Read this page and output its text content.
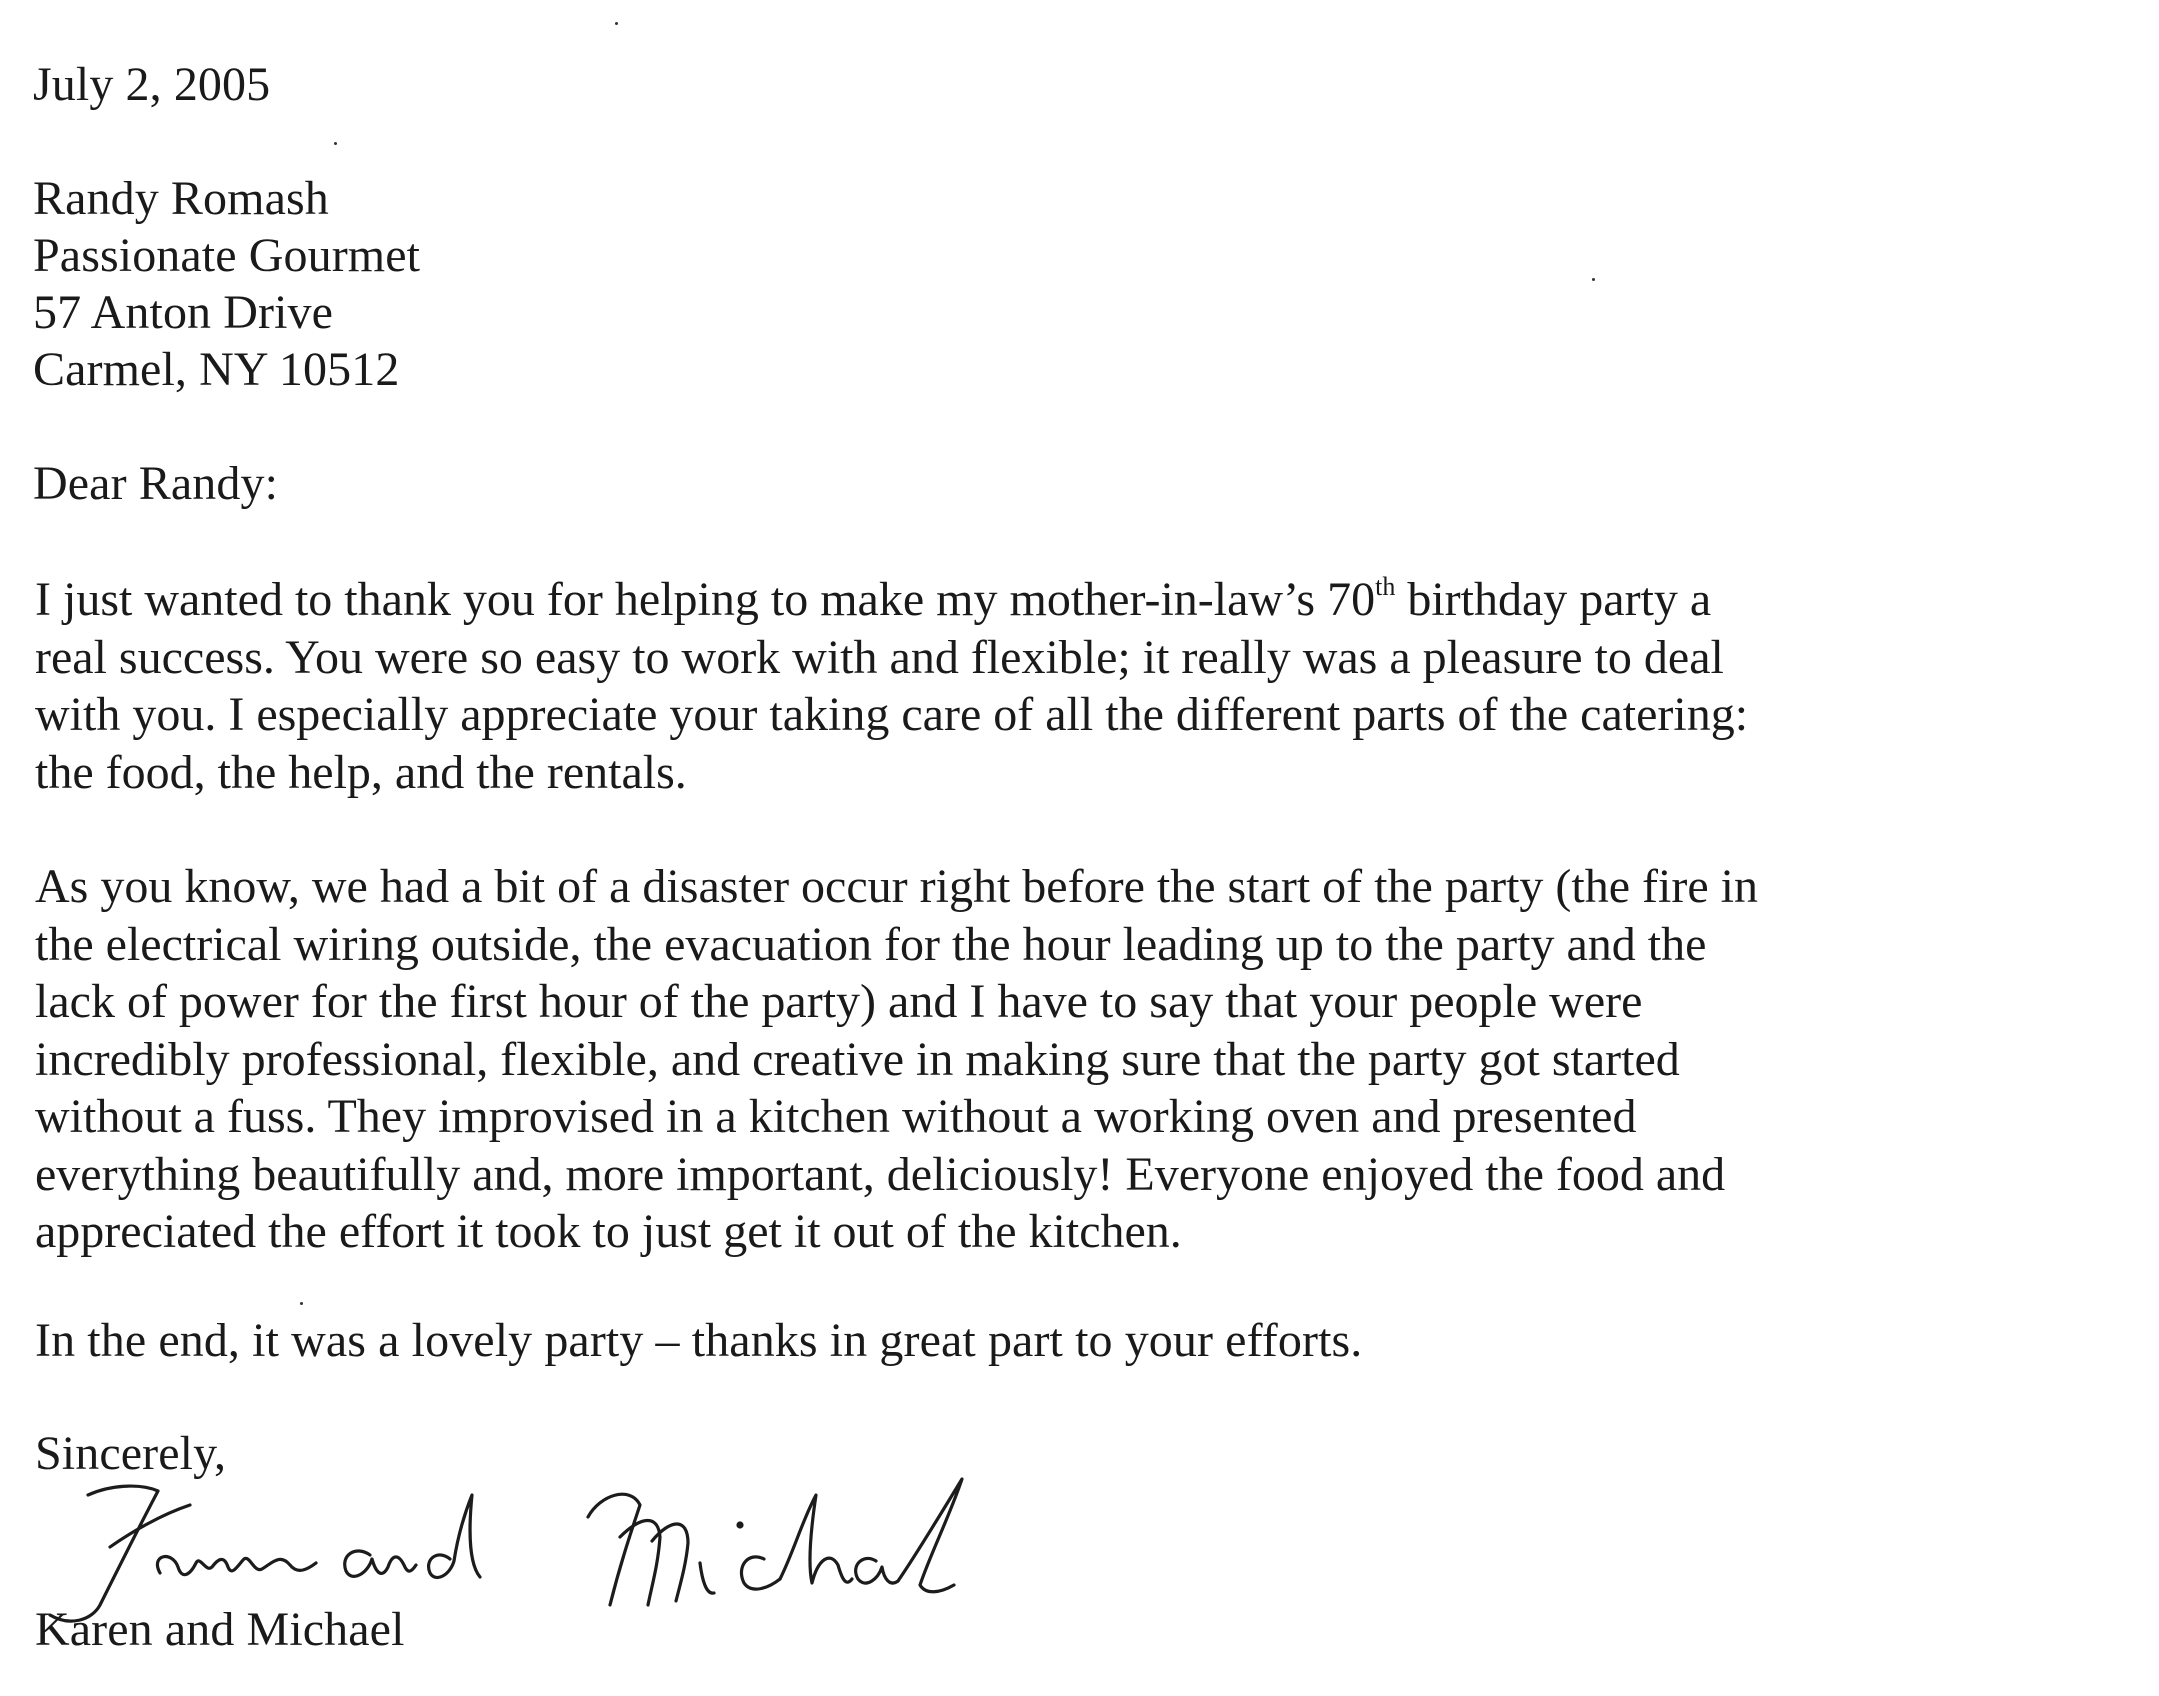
July 2, 2005
Randy Romash
Passionate Gourmet
57 Anton Drive
Carmel, NY 10512
Dear Randy:
I just wanted to thank you for helping to make my mother-in-law’s 70th birthday party a
real success. You were so easy to work with and flexible; it really was a pleasure to deal
with you. I especially appreciate your taking care of all the different parts of the catering:
the food, the help, and the rentals.
As you know, we had a bit of a disaster occur right before the start of the party (the fire in
the electrical wiring outside, the evacuation for the hour leading up to the party and the
lack of power for the first hour of the party) and I have to say that your people were
incredibly professional, flexible, and creative in making sure that the party got started
without a fuss. They improvised in a kitchen without a working oven and presented
everything beautifully and, more important, deliciously! Everyone enjoyed the food and
appreciated the effort it took to just get it out of the kitchen.
In the end, it was a lovely party – thanks in great part to your efforts.
Sincerely,
Karen and Michael
